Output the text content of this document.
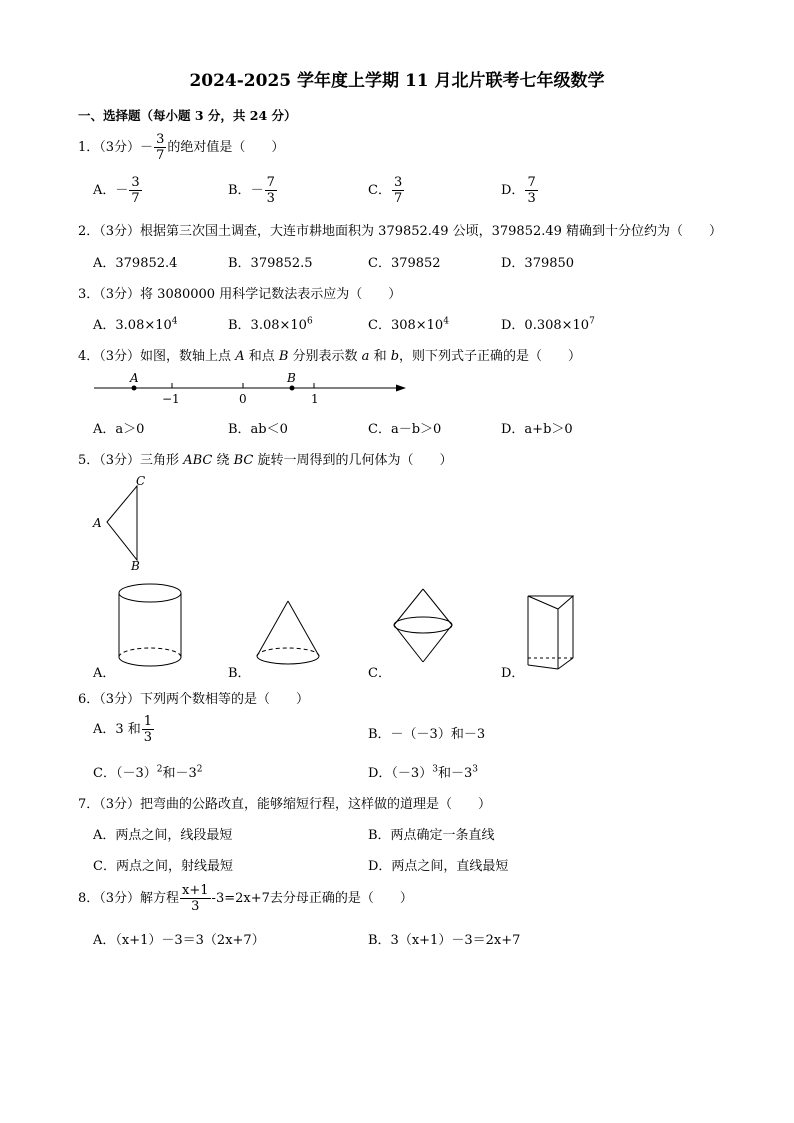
2024-2025 学年度上学期 11 月北片联考七年级数学
一、选择题（每小题 3 分，共 24 分）
1．（3分）－ $\frac{3}{7}$ 的绝对值是（　　）
A．－ $\frac{3}{7}$	B．－ $\frac{7}{3}$	C． $\frac{3}{7}$	D． $\frac{7}{3}$
2．（3分）根据第三次国土调查，大连市耕地面积为 379852.49 公顷，379852.49 精确到十分位约为（　　）
A．379852.4	B．379852.5	C．379852	D．379850
3．（3分）将 3080000 用科学记数法表示应为（　　）
A．$3.08\times 10^4$	B．$3.08\times 10^6$	C．$308\times 10^4$	D．$0.308\times 10^7$
4．（3分）如图，数轴上点 A 和点 B 分别表示数 a 和 b，则下列式子正确的是（　　）
A	B
−1	0	1
A．a＞0	B．ab＜0	C．a－b＞0	D．a+b＞0
5．（3分）三角形 ABC 绕 BC 旋转一周得到的几何体为（　　）
A
C
B
A．	B．	C．	D．
6．（3分）下列两个数相等的是（　　）
A．3 和 $\frac{1}{3}$	B．－（－3）和－3
C．$(-3)^2$和$-3^2$	D．$(-3)^3$和$-3^3$
7．（3分）把弯曲的公路改直，能够缩短行程，这样做的道理是（　　）
A．两点之间，线段最短	B．两点确定一条直线
C．两点之间，射线最短	D．两点之间，直线最短
8．（3分）解方程 $\frac{x+1}{3} -3=2x+7$去分母正确的是（　　）
A．（x+1）－3＝3（2x+7）	B．3（x+1）－3＝2x+7
